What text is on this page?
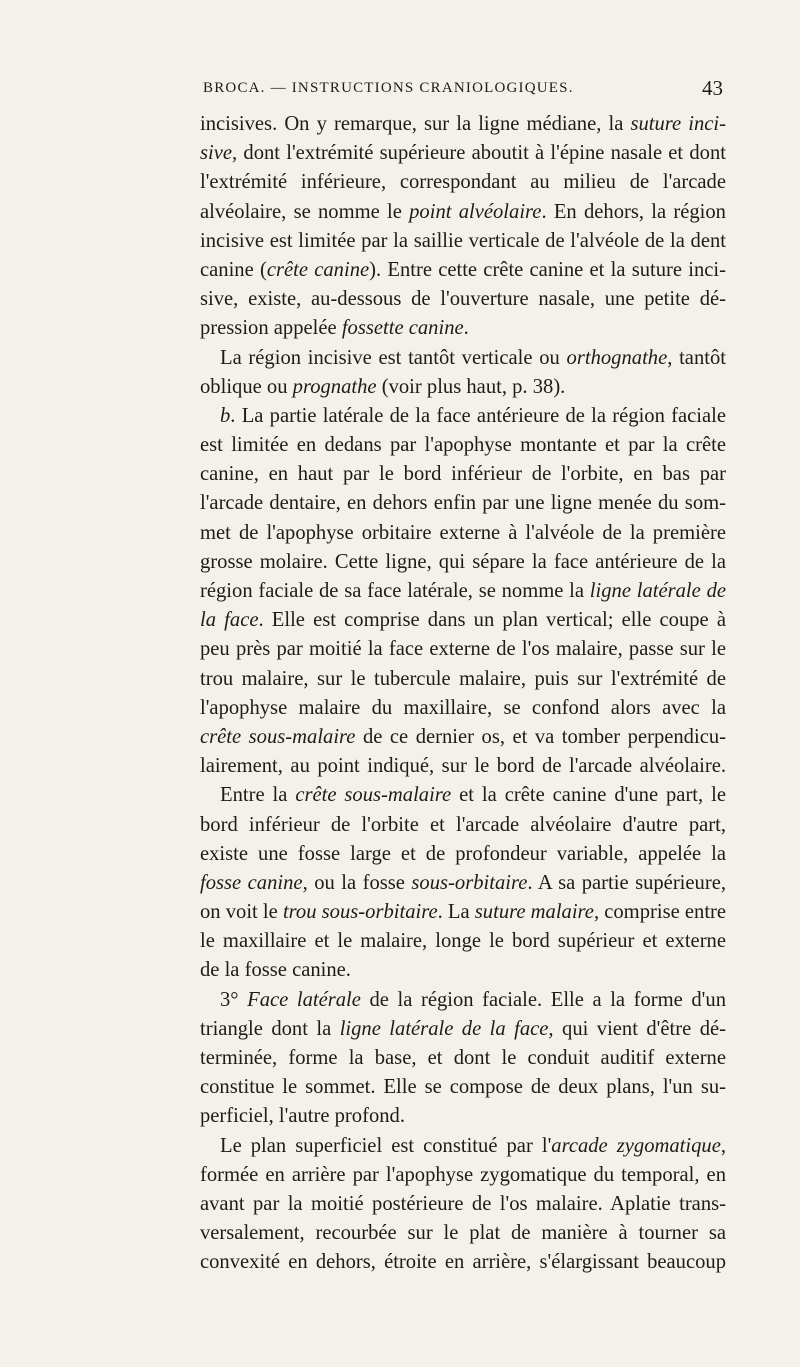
BROCA. — INSTRUCTIONS CRANIOLOGIQUES.	43
incisives. On y remarque, sur la ligne médiane, la suture inci-
sive, dont l'extrémité supérieure aboutit à l'épine nasale et dont
l'extrémité inférieure, correspondant au milieu de l'arcade
alvéolaire, se nomme le point alvéolaire. En dehors, la région
incisive est limitée par la saillie verticale de l'alvéole de la dent
canine (crête canine). Entre cette crête canine et la suture inci-
sive, existe, au-dessous de l'ouverture nasale, une petite dé-
pression appelée fossette canine.
La région incisive est tantôt verticale ou orthognathe, tantôt
oblique ou prognathe (voir plus haut, p. 38).
b. La partie latérale de la face antérieure de la région faciale
est limitée en dedans par l'apophyse montante et par la crête
canine, en haut par le bord inférieur de l'orbite, en bas par
l'arcade dentaire, en dehors enfin par une ligne menée du som-
met de l'apophyse orbitaire externe à l'alvéole de la première
grosse molaire. Cette ligne, qui sépare la face antérieure de la
région faciale de sa face latérale, se nomme la ligne latérale de
la face. Elle est comprise dans un plan vertical; elle coupe à
peu près par moitié la face externe de l'os malaire, passe sur le
trou malaire, sur le tubercule malaire, puis sur l'extrémité de
l'apophyse malaire du maxillaire, se confond alors avec la
crête sous-malaire de ce dernier os, et va tomber perpendicu-
lairement, au point indiqué, sur le bord de l'arcade alvéolaire.
Entre la crête sous-malaire et la crête canine d'une part, le
bord inférieur de l'orbite et l'arcade alvéolaire d'autre part,
existe une fosse large et de profondeur variable, appelée la
fosse canine, ou la fosse sous-orbitaire. A sa partie supérieure,
on voit le trou sous-orbitaire. La suture malaire, comprise entre
le maxillaire et le malaire, longe le bord supérieur et externe
de la fosse canine.
3° Face latérale de la région faciale. Elle a la forme d'un
triangle dont la ligne latérale de la face, qui vient d'être dé-
terminée, forme la base, et dont le conduit auditif externe
constitue le sommet. Elle se compose de deux plans, l'un su-
perficiel, l'autre profond.
Le plan superficiel est constitué par l'arcade zygomatique,
formée en arrière par l'apophyse zygomatique du temporal, en
avant par la moitié postérieure de l'os malaire. Aplatie trans-
versalement, recourbée sur le plat de manière à tourner sa
convexité en dehors, étroite en arrière, s'élargissant beaucoup
